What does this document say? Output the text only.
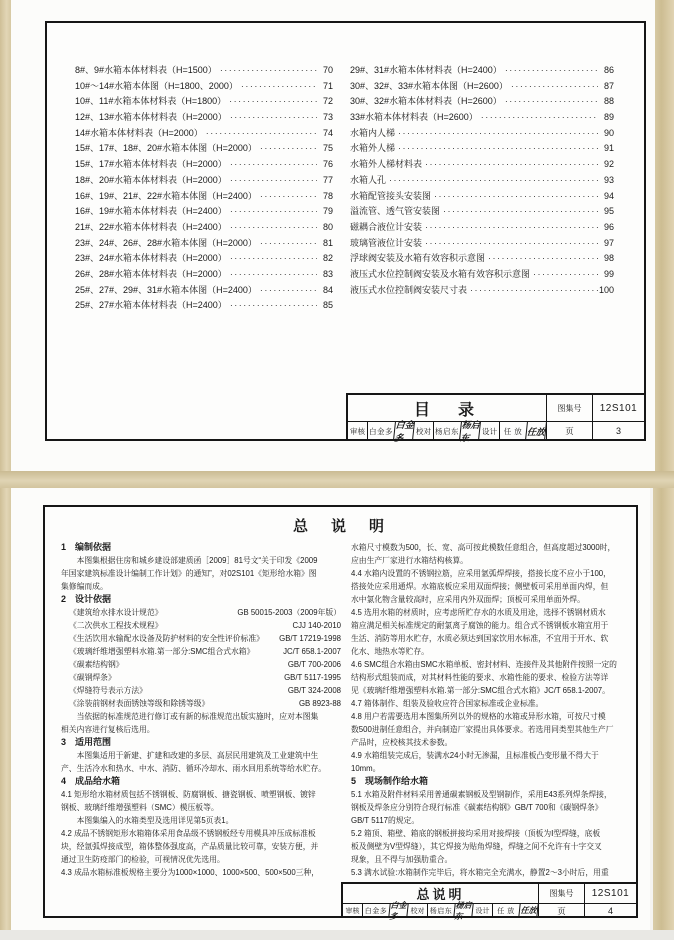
8#、9#水箱本体材料表（H=1500） ·····	70
10#～14#水箱本体图（H=1800、2000） ·····	71
10#、11#水箱本体材料表（H=1800） ·····	72
12#、13#水箱本体材料表（H=2000） ·····	73
14#水箱本体材料表（H=2000） ·····	74
15#、17#、18#、20#水箱本体图（H=2000） ·····	75
15#、17#水箱本体材料表（H=2000） ·····	76
18#、20#水箱本体材料表（H=2000） ·····	77
16#、19#、21#、22#水箱本体图（H=2400） ·····	78
16#、19#水箱本体材料表（H=2400） ·····	79
21#、22#水箱本体材料表（H=2400） ·····	80
23#、24#、26#、28#水箱本体图（H=2000） ·····	81
23#、24#水箱本体材料表（H=2000） ·····	82
26#、28#水箱本体材料表（H=2000） ·····	83
25#、27#、29#、31#水箱本体图（H=2400） ·····	84
25#、27#水箱本体材料表（H=2400） ·····	85
29#、31#水箱本体材料表（H=2400） ·····	86
30#、32#、33#水箱本体图（H=2600） ·····	87
30#、32#水箱本体材料表（H=2600） ·····	88
33#水箱本体材料表（H=2600） ·····	89
水箱内人梯 ·····	90
水箱外人梯 ·····	91
水箱外人梯材料表 ·····	92
水箱人孔 ·····	93
水箱配管接头安装图 ·····	94
溢流管、透气管安装图 ·····	95
磁耦合液位计安装 ·····	96
玻璃管液位计安装 ·····	97
浮球阀安装及水箱有效容积示意图 ·····	98
液压式水位控制阀安装及水箱有效容积示意图 ·····	99
液压式水位控制阀安装尺寸表 ·····	100
目　录	图集号	12S101
审核 白金多 白金多
校对 杨启东 杨启东
设计 任 放 任放	页	3
总　说　明
1　编制依据
　　本图集根据住房和城乡建设部建质函［2009］81号文“关于印发《2009
年国家建筑标准设计编制工作计划》的通知”，对02S101《矩形给水箱》图
集修编而成。
2　设计依据
《建筑给水排水设计规范》	GB 50015-2003（2009年版）
《二次供水工程技术规程》	CJJ 140-2010
《生活饮用水输配水设备及防护材料的安全性评价标准》	GB/T 17219-1998
《玻璃纤维增强塑料水箱.第一部分:SMC组合式水箱》	JC/T 658.1-2007
《碳素结构钢》	GB/T 700-2006
《碳钢焊条》	GB/T 5117-1995
《焊缝符号表示方法》	GB/T 324-2008
《涂装前钢材表面锈蚀等级和除锈等级》	GB 8923-88
　　当依据的标准规范进行修订或有新的标准规范出版实施时，应对本图集
相关内容进行复核后选用。
3　适用范围
　　本图集适用于新建、扩建和改建的多层、高层民用建筑及工业建筑中生
产、生活冷水和热水、中水、消防、循环冷却水、雨水回用系统等给水贮存。
4　成品给水箱
4.1 矩形给水箱材质包括不锈钢板、防腐钢板、搪瓷钢板、喷塑钢板、镀锌
钢板、玻璃纤维增强塑料（SMC）模压板等。
　　本图集编入的水箱类型及选用详见第5页表1。
4.2 成品不锈钢矩形水箱箱体采用食品级不锈钢板经专用模具冲压成标准板
块，经氩弧焊接成型，箱体整体强度高，产品质量比较可靠，安装方便，并
通过卫生防疫部门的检验，可视情况优先选用。
4.3 成品水箱标准板规格主要分为1000×1000、1000×500、500×500三种，
水箱尺寸模数为500，长、宽、高可按此模数任意组合，但高度超过3000时，
应由生产厂家进行水箱结构核算。
4.4 水箱内设置的不锈钢拉筋，应采用氩弧焊焊接，搭接长度不应小于100，
搭接处应采用通焊。水箱底板应采用双面焊接；侧壁板可采用单面内焊，但
水中氯化物含量较高时，应采用内外双面焊；顶板可采用单面外焊。
4.5 选用水箱的材质时，应考虑所贮存水的水质及用途，选择不锈钢材质水
箱应满足相关标准规定的耐氯离子腐蚀的能力。组合式不锈钢板水箱宜用于
生活、消防等用水贮存，水质必须达到国家饮用水标准，不宜用于开水、软
化水、地热水等贮存。
4.6 SMC组合水箱由SMC水箱单板、密封材料、连接件及其他附件按照一定的
结构形式组装而成，对其材料性能的要求、水箱性能的要求、检验方法等详
见《玻璃纤维增强塑料水箱.第一部分:SMC组合式水箱》JC/T 658.1-2007。
4.7 箱体制作、组装及验收应符合国家标准或企业标准。
4.8 用户若需要选用本图集所列以外的规格的水箱或异形水箱，可按尺寸模
数500进制任意组合，并向制造厂家提出具体要求。若选用同类型其他生产厂
产品时，应校核其技术参数。
4.9 水箱组装完成后，装满水24小时无渗漏，且标准板凸变形量不得大于
10mm。
5　现场制作给水箱
5.1 水箱及附件材料采用普通碳素钢板及型钢制作，采用E43系列焊条焊接，
钢板及焊条应分别符合现行标准《碳素结构钢》GB/T 700和《碳钢焊条》
GB/T 5117的规定。
5.2 箱顶、箱壁、箱底的钢板拼接均采用对接焊接（顶板为Ⅰ型焊缝，底板
板及侧壁为V型焊缝），其它焊接为贴角焊缝，焊缝之间不允许有十字交叉
现象，且不得与加强肋重合。
5.3 满水试验:水箱制作完毕后，将水箱完全充满水，静置2～3小时后，用重
总说明	图集号	12S101
审核 白金多
白金多	校对 杨启东
杨启东	设计	任 放 任放	页	4
